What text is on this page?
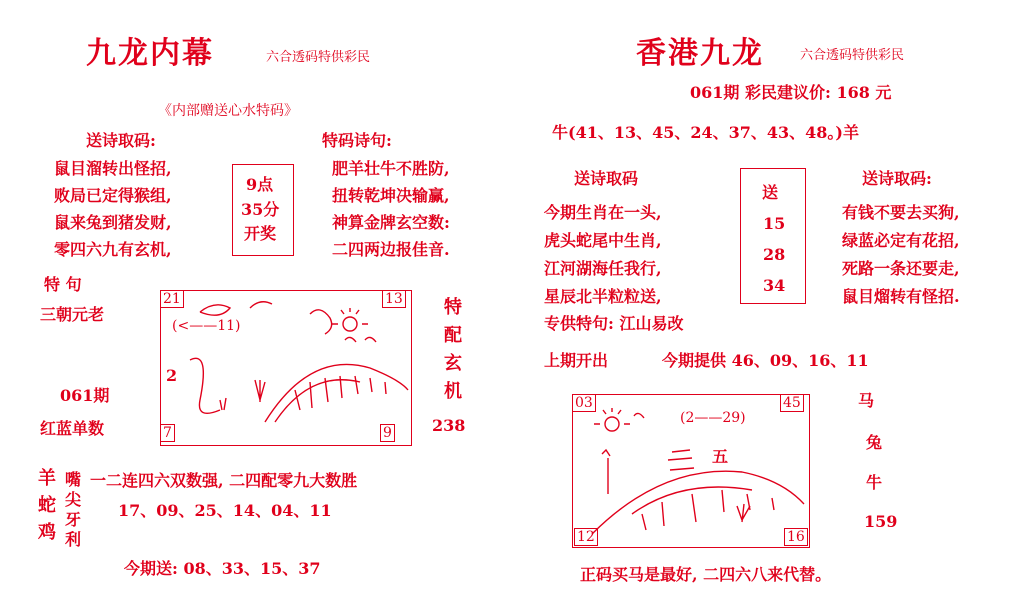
九龙内幕	六合透码特供彩民
《内部赠送心水特码》
送诗取码:
鼠目溜转出怪招,
败局已定得猴组,
鼠来兔到猪发财,
零四六九有玄机,
9点
35分
开奖
特码诗句:
肥羊壮牛不胜防,
扭转乾坤决输赢,
神算金牌玄空数:
二四两边报佳音.
特 句
三朝元老
061期
红蓝单数
21	13
7	9
2
(<——11)
特
配
玄
机
238
羊
蛇
鸡
嘴
尖
牙
利
一二连四六双数强, 二四配零九大数胜
17、09、25、14、04、11
今期送: 08、33、15、37
香港九龙	六合透码特供彩民
061期 彩民建议价: 168 元
牛(41、13、45、24、37、43、48。)羊
送诗取码
今期生肖在一头,
虎头蛇尾中生肖,
江河湖海任我行,
星辰北半粒粒送,
专供特句: 江山易改
送
15
28
34
送诗取码:
有钱不要去买狗,
绿蓝必定有花招,
死路一条还要走,
鼠目熘转有怪招.
上期开出	今期提供 46、09、16、11
03	45
12	16
(2——29)
五
马
兔
牛
159
正码买马是最好, 二四六八来代替。
